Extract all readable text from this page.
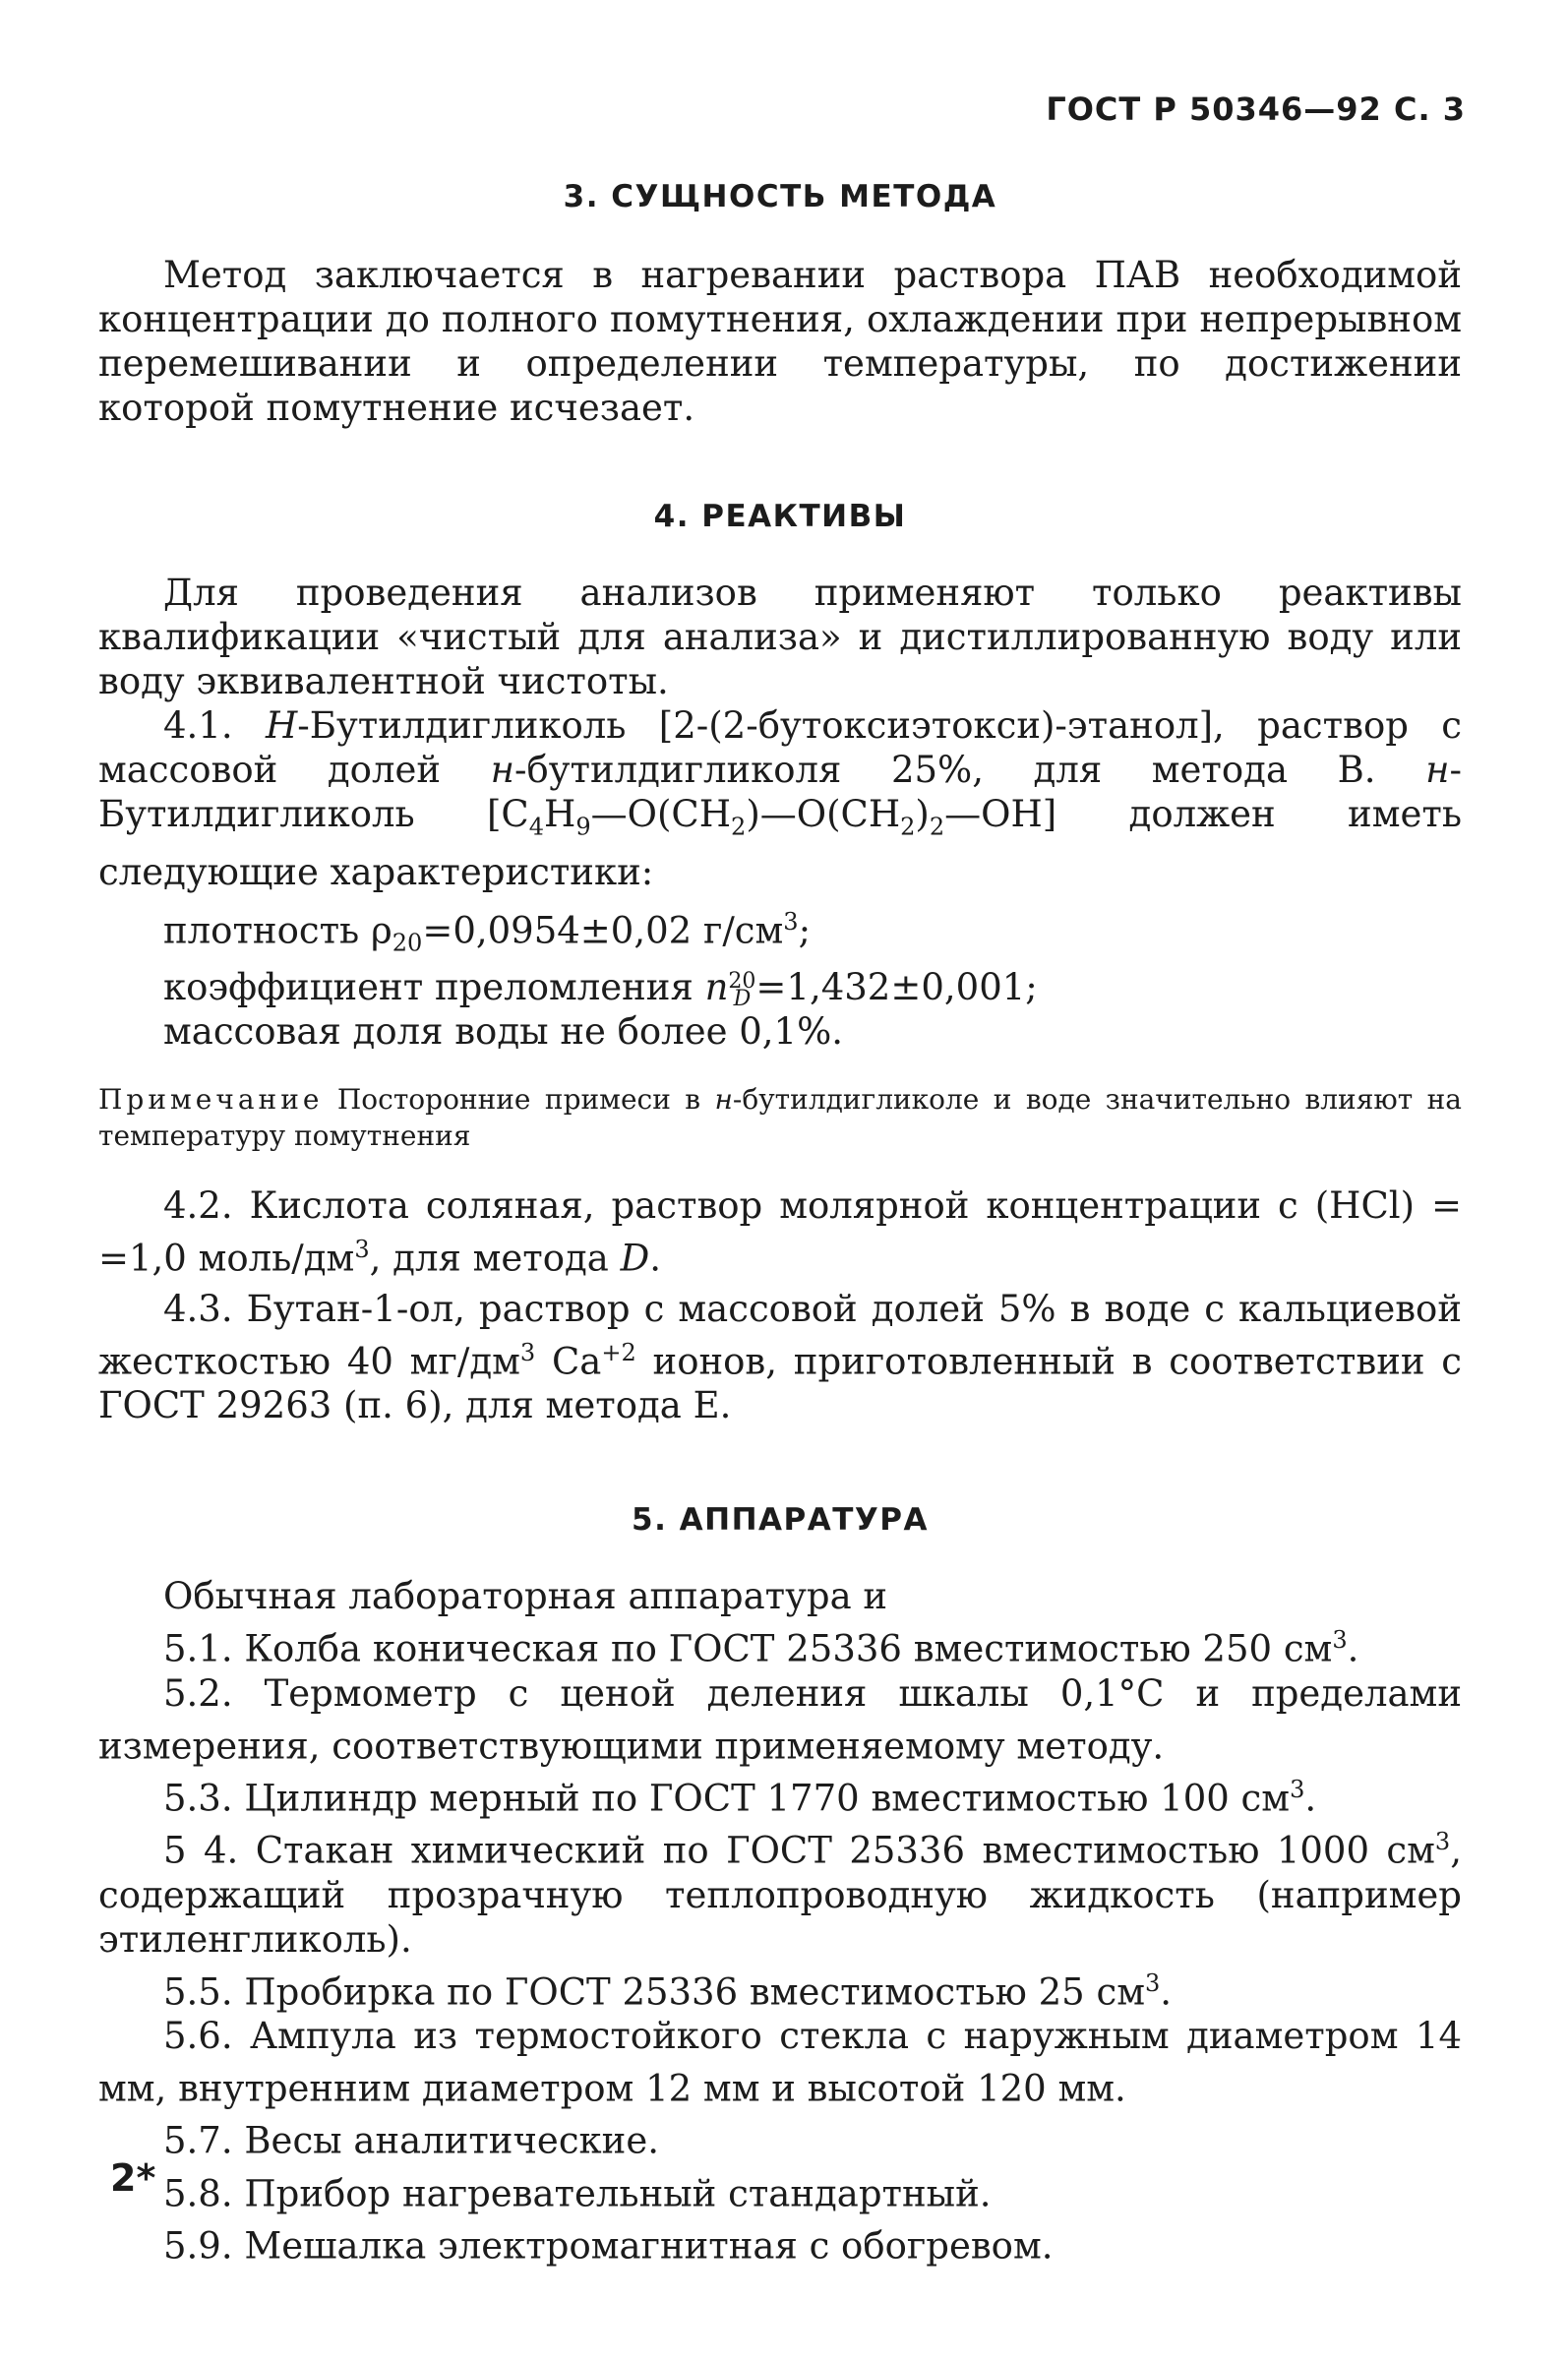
ГОСТ Р 50346—92 С. 3
3. СУЩНОСТЬ МЕТОДА

Метод заключается в нагревании раствора ПАВ необходимой концентрации до полного помутнения, охлаждении при непрерывном перемешивании и определении температуры, по достижении которой помутнение исчезает.

4. РЕАКТИВЫ

Для проведения анализов применяют только реактивы квалификации «чистый для анализа» и дистиллированную воду или воду эквивалентной чистоты.

4.1. Н-Бутилдигликоль [2-(2-бутоксиэтокси)-этанол], раствор с массовой долей н-бутилдигликоля 25%, для метода В. н-Бутилдигликоль $[C_4H_9—O(CH_2)—O(CH_2)_2—OH]$ должен иметь следующие характеристики:

плотность $\rho_{20}=0,0954\pm 0,02$ $г/см^3$;

коэффициент преломления n 20
D =1,432±0,001;

массовая доля воды не более 0,1%.

Примечание Посторонние примеси в н-бутилдигликоле и воде значительно влияют на температуру помутнения

4.2. Кислота соляная, раствор молярной концентрации с (HCl) = =1,0 моль/$дм^3$, для метода D.

4.3. Бутан-1-ол, раствор с массовой долей 5% в воде с кальциевой жесткостью 40 $мг/дм^3$ $Ca^{+2}$ ионов, приготовленный в соответствии с ГОСТ 29263 (п. 6), для метода Е.

5. АППАРАТУРА

Обычная лабораторная аппаратура и

5.1. Колба коническая по ГОСТ 25336 вместимостью 250 $см^3$.

5.2. Термометр с ценой деления шкалы 0,1°С и пределами измерения, соответствующими применяемому методу.

5.3. Цилиндр мерный по ГОСТ 1770 вместимостью 100 $см^3$.

5 4. Стакан химический по ГОСТ 25336 вместимостью 1000 $см^3$, содержащий прозрачную теплопроводную жидкость (например этиленгликоль).

5.5. Пробирка по ГОСТ 25336 вместимостью 25 $см^3$.

5.6. Ампула из термостойкого стекла с наружным диаметром 14 мм, внутренним диаметром 12 мм и высотой 120 мм.

5.7. Весы аналитические.

5.8. Прибор нагревательный стандартный.

5.9. Мешалка электромагнитная с обогревом.

2*
